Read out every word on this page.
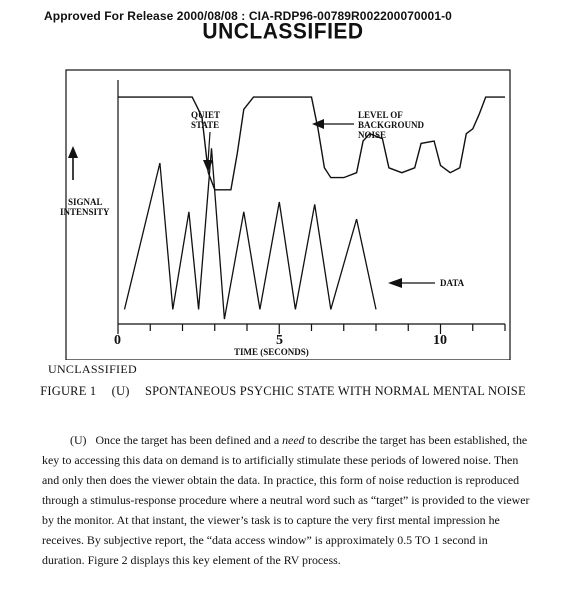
Approved For Release 2000/08/08 : CIA-RDP96-00789R002200070001-0
UNCLASSIFIED
QUIET
STATE
LEVEL OF
BACKGROUND
NOISE
SIGNAL
INTENSITY
DATA
TIME (SECONDS)
0	5	10
UNCLASSIFIED
FIGURE 1 (U) SPONTANEOUS PSYCHIC STATE WITH NORMAL MENTAL NOISE
(U) Once the target has been defined and a need to describe the target has been established, the key to accessing this data on demand is to artificially stimulate these periods of lowered noise. Then and only then does the viewer obtain the data. In practice, this form of noise reduction is reproduced through a stimulus-response procedure where a neutral word such as “target” is provided to the viewer by the monitor. At that instant, the viewer’s task is to capture the very first mental impression he receives. By subjective report, the “data access window” is approximately 0.5 TO 1 second in duration. Figure 2 displays this key element of the RV process.
